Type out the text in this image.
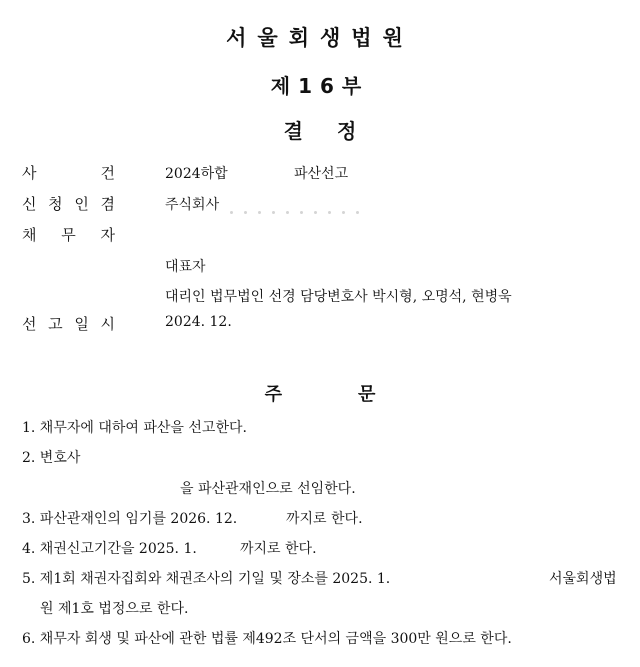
서울회생법원
제16부
결정
사	건	2024하합	파산선고
신 청 인 겸	주식회사
채 무 자
대표자
대리인 법무법인 선경 담당변호사 박시형, 오명석, 현병욱
선 고 일 시	2024. 12.
주문
1. 채무자에 대하여 파산을 선고한다.
2. 변호사
을 파산관재인으로 선임한다.
3. 파산관재인의 임기를 2026. 12.	까지로 한다.
4. 채권신고기간을 2025. 1.	까지로 한다.
5. 제1회 채권자집회와 채권조사의 기일 및 장소를 2025. 1.	서울회생법
원 제1호 법정으로 한다.
6. 채무자 회생 및 파산에 관한 법률 제492조 단서의 금액을 300만 원으로 한다.
